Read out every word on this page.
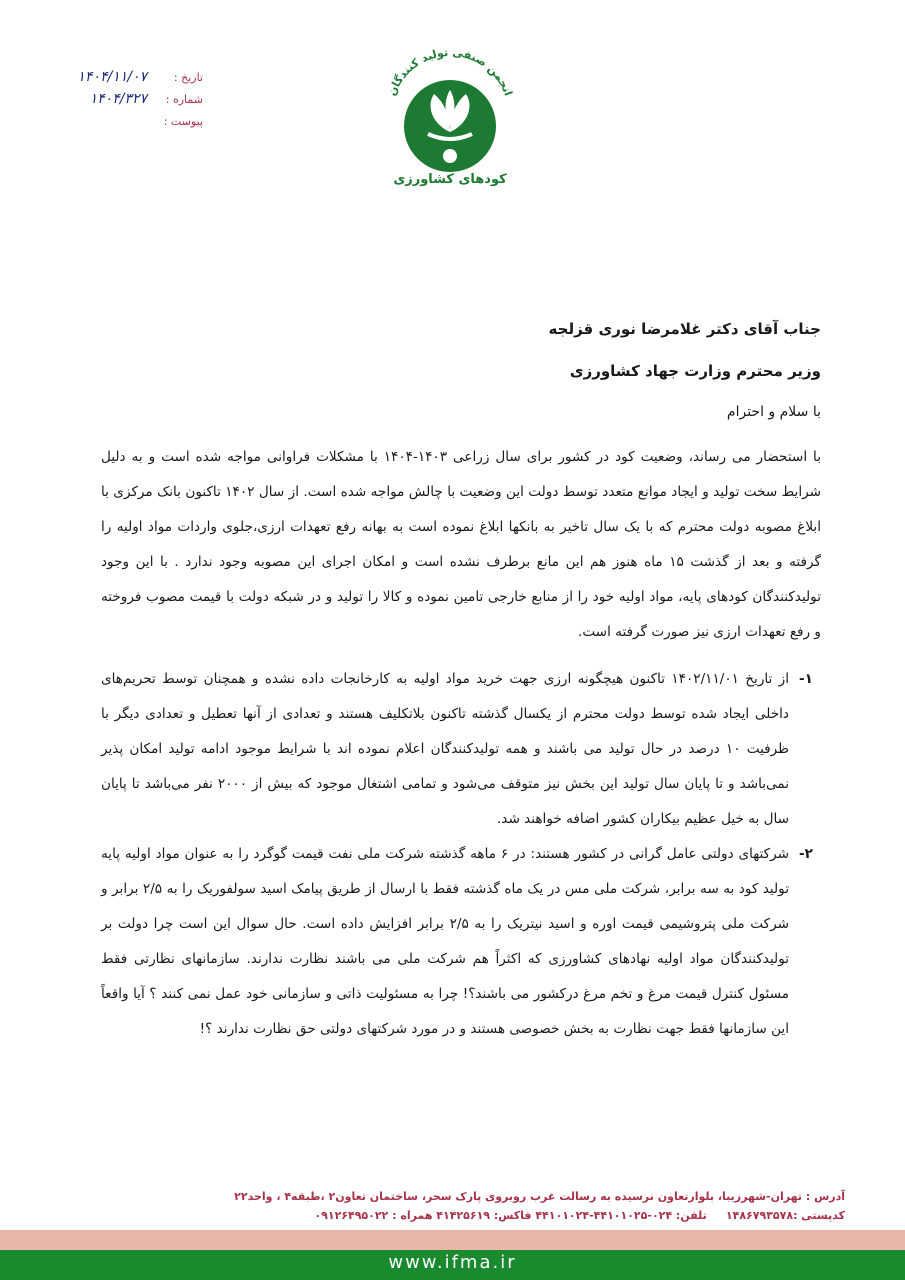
تاریخ :
۱۴۰۴/۱۱/۰۷
شماره :
۱۴۰۴/۳۲۷
پیوست :
انجمن صنفی تولید کنندگان
کودهای کشاورزی

جناب آقای دکتر غلامرضا نوری قزلجه

وزیر محترم وزارت جهاد کشاورزی

با سلام و احترام

با استحضار می رساند، وضعیت کود در کشور برای سال زراعی ۱۴۰۳-۱۴۰۴ با مشکلات فراوانی مواجه شده است و به دلیل شرایط سخت تولید و ایجاد موانع متعدد توسط دولت این وضعیت با چالش مواجه شده است. از سال ۱۴۰۲ تاکنون بانک مرکزی با ابلاغ مصوبه دولت محترم که با یک سال تاخیر به بانکها ابلاغ نموده است به بهانه رفع تعهدات ارزی،جلوی واردات مواد اولیه را گرفته و بعد از گذشت ۱۵ ماه هنوز هم این مانع برطرف نشده است و امکان اجرای این مصوبه وجود ندارد . با این وجود تولیدکنندگان کودهای پایه، مواد اولیه خود را از منابع خارجی تامین نموده و کالا را تولید و در شبکه دولت با قیمت مصوب فروخته و رفع تعهدات ارزی نیز صورت گرفته است.

۱-
از تاریخ ۱۴۰۲/۱۱/۰۱ تاکنون هیچگونه ارزی جهت خرید مواد اولیه به کارخانجات داده نشده و همچنان توسط تحریم‌های داخلی ایجاد شده توسط دولت محترم از یکسال گذشته تاکنون بلاتکلیف هستند و تعدادی از آنها تعطیل و تعدادی دیگر با ظرفیت ۱۰ درصد در حال تولید می باشند و همه تولیدکنندگان اعلام نموده اند با شرایط موجود ادامه تولید امکان پذیر نمی‌باشد و تا پایان سال تولید این بخش نیز متوقف می‌شود و تمامی اشتغال موجود که بیش از ۲۰۰۰ نفر می‌باشد تا پایان سال به خیل عظیم بیکاران کشور اضافه خواهند شد.
۲-
شرکتهای دولتی عامل گرانی در کشور هستند: در ۶ ماهه گذشته شرکت ملی نفت قیمت گوگرد را به عنوان مواد اولیه پایه تولید کود به سه برابر، شرکت ملی مس در یک ماه گذشته فقط با ارسال از طریق پیامک اسید سولفوریک را به ۲/۵ برابر و شرکت ملی پتروشیمی قیمت اوره و اسید نیتریک را به ۲/۵ برابر افزایش داده است. حال سوال این است چرا دولت بر تولیدکنندگان مواد اولیه نهادهای کشاورزی که اکثراً هم شرکت ملی می باشند نظارت ندارند. سازمانهای نظارتی فقط مسئول کنترل قیمت مرغ و تخم مرغ درکشور می باشند؟! چرا به مسئولیت ذاتی و سازمانی خود عمل نمی کنند ؟ آیا واقعاً این سازمانها فقط جهت نظارت به بخش خصوصی هستند و در مورد شرکتهای دولتی حق نظارت ندارند ؟!
آدرس : تهران-شهرزیبا، بلوارتعاون نرسیده به رسالت غرب روبروی پارک سحر، ساختمان تعاون۲ ،طبقه۴ ، واحد۲۲
کدپستی :۱۴۸۶۷۹۳۵۷۸     تلفن: ۰۲۴-۴۴۱۰۱۰۲۵-۴۴۱۰۱۰۲۴ فاکس: ۴۱۴۲۵۶۱۹ همراه : ۰۹۱۲۶۴۹۵۰۲۲
www.ifma.ir
